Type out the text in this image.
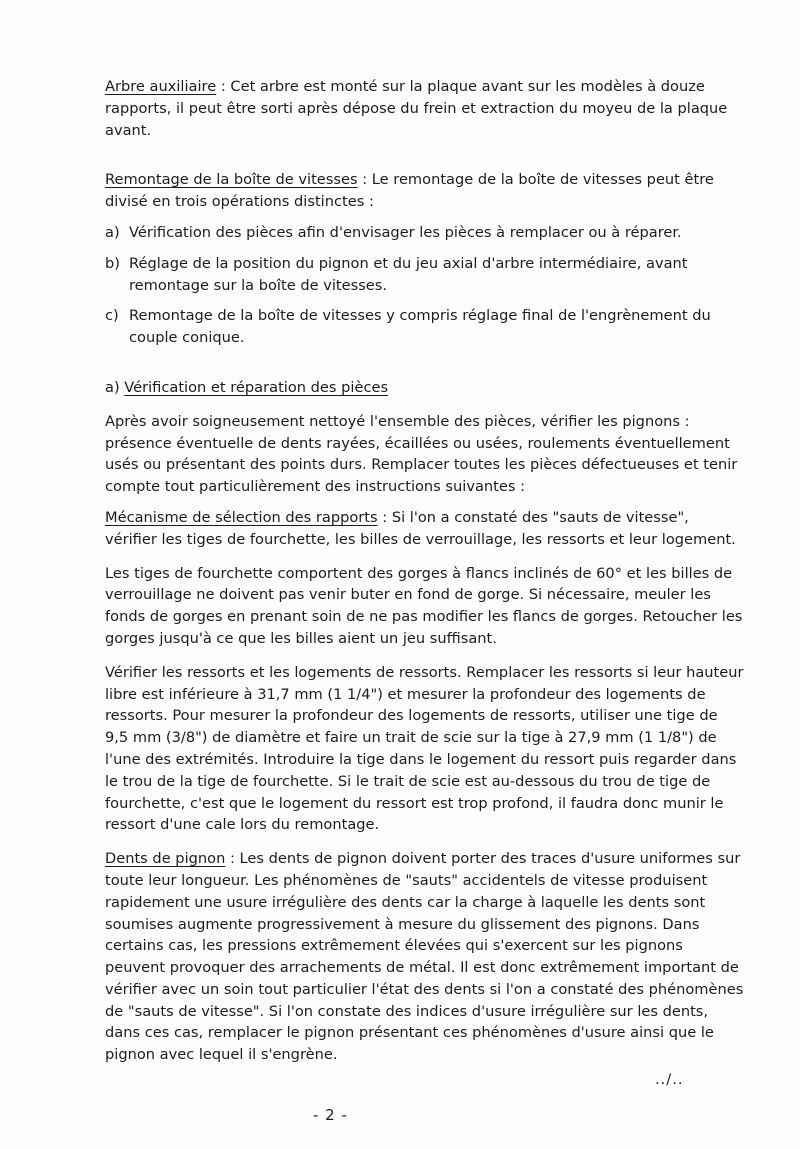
Arbre auxiliaire : Cet arbre est monté sur la plaque avant sur les modèles à douze rapports, il peut être sorti après dépose du frein et extraction du moyeu de la plaque avant.

Remontage de la boîte de vitesses : Le remontage de la boîte de vitesses peut être divisé en trois opérations distinctes :

a) Vérification des pièces afin d'envisager les pièces à remplacer ou à réparer.
b) Réglage de la position du pignon et du jeu axial d'arbre intermédiaire, avant remontage sur la boîte de vitesses.
c) Remontage de la boîte de vitesses y compris réglage final de l'engrènement du couple conique.

a) Vérification et réparation des pièces

Après avoir soigneusement nettoyé l'ensemble des pièces, vérifier les pignons : présence éventuelle de dents rayées, écaillées ou usées, roulements éventuellement usés ou présentant des points durs. Remplacer toutes les pièces défectueuses et tenir compte tout particulièrement des instructions suivantes :

Mécanisme de sélection des rapports : Si l'on a constaté des "sauts de vitesse", vérifier les tiges de fourchette, les billes de verrouillage, les ressorts et leur logement.

Les tiges de fourchette comportent des gorges à flancs inclinés de 60° et les billes de verrouillage ne doivent pas venir buter en fond de gorge. Si nécessaire, meuler les fonds de gorges en prenant soin de ne pas modifier les flancs de gorges. Retoucher les gorges jusqu'à ce que les billes aient un jeu suffisant.

Vérifier les ressorts et les logements de ressorts. Remplacer les ressorts si leur hauteur libre est inférieure à 31,7 mm (1 1/4") et mesurer la profondeur des logements de ressorts. Pour mesurer la profondeur des logements de ressorts, utiliser une tige de 9,5 mm (3/8") de diamètre et faire un trait de scie sur la tige à 27,9 mm (1 1/8") de l'une des extrémités. Introduire la tige dans le logement du ressort puis regarder dans le trou de la tige de fourchette. Si le trait de scie est au-dessous du trou de tige de fourchette, c'est que le logement du ressort est trop profond, il faudra donc munir le ressort d'une cale lors du remontage.

Dents de pignon : Les dents de pignon doivent porter des traces d'usure uniformes sur toute leur longueur. Les phénomènes de "sauts" accidentels de vitesse produisent rapidement une usure irrégulière des dents car la charge à laquelle les dents sont soumises augmente progressivement à mesure du glissement des pignons. Dans certains cas, les pressions extrêmement élevées qui s'exercent sur les pignons peuvent provoquer des arrachements de métal. Il est donc extrêmement important de vérifier avec un soin tout particulier l'état des dents si l'on a constaté des phénomènes de "sauts de vitesse". Si l'on constate des indices d'usure irrégulière sur les dents, dans ces cas, remplacer le pignon présentant ces phénomènes d'usure ainsi que le pignon avec lequel il s'engrène.

../..
- 2 -
